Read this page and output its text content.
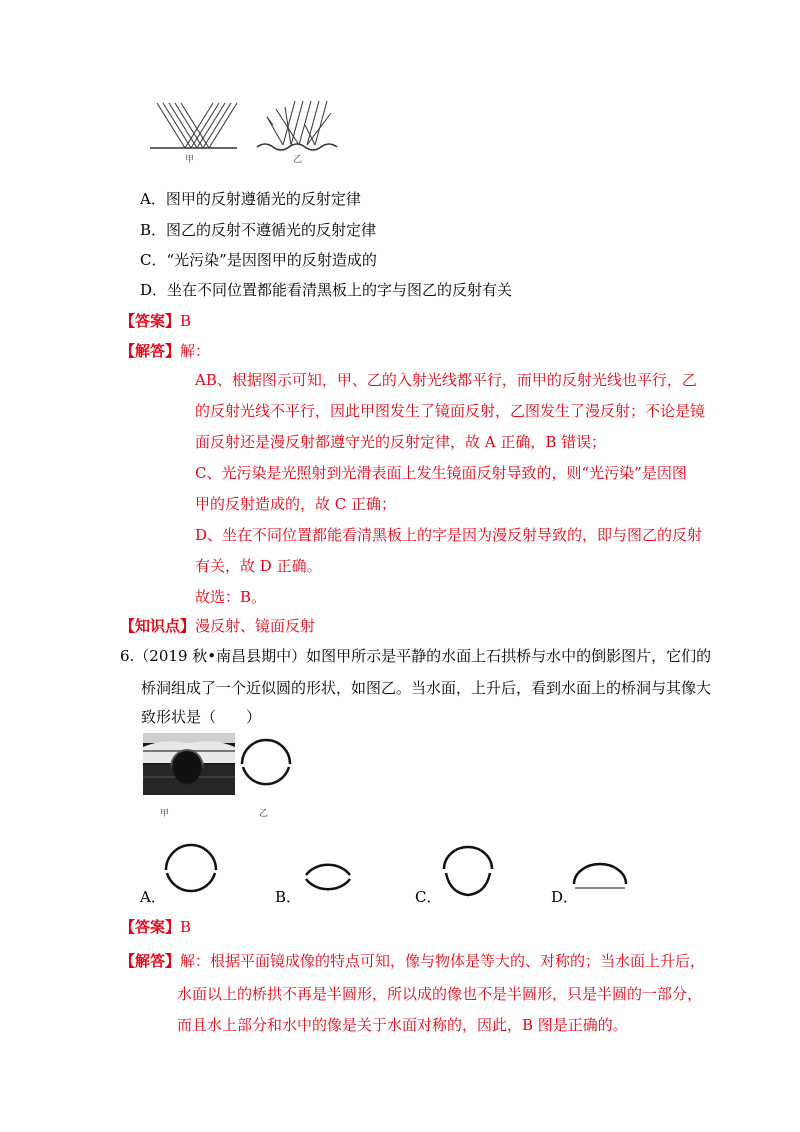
甲	乙
A．图甲的反射遵循光的反射定律
B．图乙的反射不遵循光的反射定律
C．“光污染”是因图甲的反射造成的
D．坐在不同位置都能看清黑板上的字与图乙的反射有关
【答案】B
【解答】解：
AB、根据图示可知，甲、乙的入射光线都平行，而甲的反射光线也平行，乙
的反射光线不平行，因此甲图发生了镜面反射，乙图发生了漫反射；不论是镜
面反射还是漫反射都遵守光的反射定律，故 A 正确，B 错误；
C、光污染是光照射到光滑表面上发生镜面反射导致的，则“光污染”是因图
甲的反射造成的，故 C 正确；
D、坐在不同位置都能看清黑板上的字是因为漫反射导致的，即与图乙的反射
有关，故 D 正确。
故选：B。
【知识点】漫反射、镜面反射
6.（2019 秋•南昌县期中）如图甲所示是平静的水面上石拱桥与水中的倒影图片，它们的
桥洞组成了一个近似圆的形状，如图乙。当水面，上升后，看到水面上的桥洞与其像大
致形状是（　　）
甲	乙
A．	B．	C．	D．
【答案】B
【解答】解：根据平面镜成像的特点可知，像与物体是等大的、对称的；当水面上升后，
水面以上的桥拱不再是半圆形，所以成的像也不是半圆形，只是半圆的一部分，
而且水上部分和水中的像是关于水面对称的，因此，B 图是正确的。
